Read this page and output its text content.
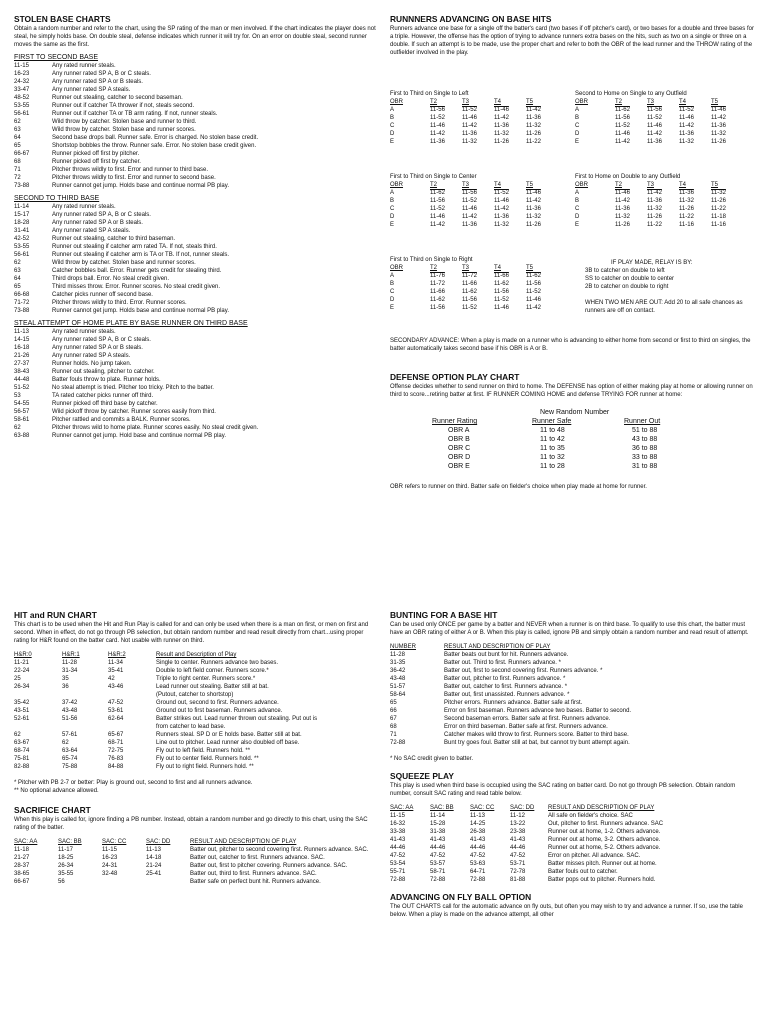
STOLEN BASE CHARTS
Obtain a random number and refer to the chart, using the SP rating of the man or men involved. If the chart indicates the player does not steal, he simply holds base. On double steal, defense indicates which runner it will try for. On an error on double steal, second runner moves the same as the first.
FIRST TO SECOND BASE
11-15	Any rated runner steals.
16-23	Any runner rated SP A, B or C steals.
24-32	Any runner rated SP A or B steals.
33-47	Any runner rated SP A steals.
48-52	Runner out stealing, catcher to second baseman.
53-55	Runner out if catcher TA thrower if not, steals second.
56-61	Runner out if catcher TA or TB arm rating. If not, runner steals.
62	Wild throw by catcher. Stolen base and runner to third.
63	Wild throw by catcher. Stolen base and runner scores.
64	Second base drops ball. Runner safe. Error is charged. No stolen base credit.
65	Shortstop bobbles the throw. Runner safe. Error. No stolen base credit given.
66-67	Runner picked off first by pitcher.
68	Runner picked off first by catcher.
71	Pitcher throws wildly to first. Error and runner to third base.
72	Pitcher throws wildly to first. Error and runner to second base.
73-88	Runner cannot get jump. Holds base and continue normal PB play.
SECOND TO THIRD BASE
11-14	Any rated runner steals.
15-17	Any runner rated SP A, B or C steals.
18-28	Any runner rated SP A or B steals.
31-41	Any runner rated SP A steals.
42-52	Runner out stealing, catcher to third baseman.
53-55	Runner out stealing if catcher arm rated TA. If not, steals third.
56-61	Runner out stealing if catcher arm is TA or TB. If not, runner steals.
62	Wild throw by catcher. Stolen base and runner scores.
63	Catcher bobbles ball. Error. Runner gets credit for stealing third.
64	Third drops ball. Error. No steal credit given.
65	Third misses throw. Error. Runner scores. No steal credit given.
66-68	Catcher picks runner off second base.
71-72	Pitcher throws wildly to third. Error. Runner scores.
73-88	Runner cannot get jump. Holds base and continue normal PB play.
STEAL ATTEMPT OF HOME PLATE BY BASE RUNNER ON THIRD BASE
11-13	Any rated runner steals.
14-15	Any runner rated SP A, B or C steals.
16-18	Any runner rated SP A or B steals.
21-26	Any runner rated SP A steals.
27-37	Runner holds. No jump taken.
38-43	Runner out stealing, pitcher to catcher.
44-48	Batter fouls throw to plate. Runner holds.
51-52	No steal attempt is tried. Pitcher too tricky. Pitch to the batter.
53	TA rated catcher picks runner off third.
54-55	Runner picked off third base by catcher.
56-57	Wild pickoff throw by catcher. Runner scores easily from third.
58-61	Pitcher rattled and commits a BALK. Runner scores.
62	Pitcher throws wild to home plate. Runner scores easily. No steal credit given.
63-88	Runner cannot get jump. Hold base and continue normal PB play.
RUNNNERS ADVANCING ON BASE HITS
Runners advance one base for a single off the batter's card (two bases if off pitcher's card), or two bases for a double and three bases for a triple. However, the offense has the option of trying to advance runners extra bases on the hits, such as two on a single or three on a double. If such an attempt is to be made, use the proper chart and refer to both the OBR of the lead runner and the THROW rating of the outfielder involved in the play.
First to Third on Single to Left
OBR	T2	T3	T4	T5
A	11-56	11-52	11-46	11-42
B	11-52	11-46	11-42	11-36
C	11-46	11-42	11-36	11-32
D	11-42	11-36	11-32	11-26
E	11-36	11-32	11-26	11-22
Second to Home on Single to any Outfield
OBR	T2	T3	T4	T5
A	11-62	11-56	11-52	11-46
B	11-56	11-52	11-46	11-42
C	11-52	11-46	11-42	11-36
D	11-46	11-42	11-36	11-32
E	11-42	11-36	11-32	11-26
First to Third on Single to Center
OBR	T2	T3	T4	T5
A	11-62	11-56	11-52	11-46
B	11-56	11-52	11-46	11-42
C	11-52	11-46	11-42	11-36
D	11-46	11-42	11-36	11-32
E	11-42	11-36	11-32	11-26
First to Home on Double to any Outfield
OBR	T2	T3	T4	T5
A	11-46	11-42	11-36	11-32
B	11-42	11-36	11-32	11-26
C	11-36	11-32	11-26	11-22
D	11-32	11-26	11-22	11-18
E	11-26	11-22	11-16	11-16
First to Third on Single to Right
OBR	T2	T3	T4	T5
A	11-76	11-72	11-66	11-62
B	11-72	11-66	11-62	11-56
C	11-66	11-62	11-56	11-52
D	11-62	11-56	11-52	11-46
E	11-56	11-52	11-46	11-42
IF PLAY MADE, RELAY IS BY:
3B to catcher on double to left
SS to catcher on double to center
2B to catcher on double to right
WHEN TWO MEN ARE OUT: Add 20 to all safe chances as runners are off on contact.
SECONDARY ADVANCE: When a play is made on a runner who is advancing to either home from second or first to third on singles, the batter automatically takes second base if his OBR is A or B.
DEFENSE OPTION PLAY CHART
Offense decides whether to send runner on third to home. The DEFENSE has option of either making play at home or allowing runner on third to score...retiring batter at first. IF RUNNER COMING HOME and defense TRYING FOR runner at home:
New Random Number
Runner Rating	Runner Safe	Runner Out
OBR A	11 to 48	51 to 88
OBR B	11 to 42	43 to 88
OBR C	11 to 35	36 to 88
OBR D	11 to 32	33 to 88
OBR E	11 to 28	31 to 88
OBR refers to runner on third. Batter safe on fielder's choice when play made at home for runner.
HIT and RUN CHART
This chart is to be used when the Hit and Run Play is called for and can only be used when there is a man on first, or men on first and second. When in effect, do not go through PB selection, but obtain random number and read result directly from chart...using proper rating for H&R found on the batter card. Not usable with runner on third.
H&R:0	H&R:1	H&R:2	Result and Description of Play
11-21	11-28	11-34	Single to center. Runners advance two bases.
22-24	31-34	35-41	Double to left field corner. Runners score.*
25	35	42	Triple to right center. Runners score.*
26-34	36	43-46	Lead runner out stealing. Batter still at bat.
			(Putout, catcher to shortstop)
35-42	37-42	47-52	Ground out, second to first. Runners advance.
43-51	43-48	53-61	Ground out to first baseman. Runners advance.
52-61	51-56	62-64	Batter strikes out. Lead runner thrown out stealing. Put out is
			from catcher to lead base.
62	57-61	65-67	Runners steal. SP D or E holds base. Batter still at bat.
63-67	62	68-71	Line out to pitcher. Lead runner also doubled off base.
68-74	63-64	72-75	Fly out to left field. Runners hold. **
75-81	65-74	76-83	Fly out to center field. Runners hold. **
82-88	75-88	84-88	Fly out to right field. Runners hold. **
* Pitcher with PB 2-7 or better: Play is ground out, second to first and all runners advance.
** No optional advance allowed.
SACRIFICE CHART
When this play is called for, ignore finding a PB number. Instead, obtain a random number and go directly to this chart, using the SAC rating of the batter.
SAC: AA	SAC: BB	SAC: CC	SAC: DD	RESULT AND DESCRIPTION OF PLAY
11-18	11-17	11-15	11-13	Batter out, pitcher to second covering first. Runners advance. SAC.
21-27	18-25	16-23	14-18	Batter out, catcher to first. Runners advance. SAC.
28-37	26-34	24-31	21-24	Batter out, first to pitcher covering. Runners advance. SAC.
38-65	35-55	32-48	25-41	Batter out, third to first. Runners advance. SAC.
66-67	56			Batter safe on perfect bunt hit. Runners advance.
BUNTING FOR A BASE HIT
Can be used only ONCE per game by a batter and NEVER when a runner is on third base. To qualify to use this chart, the batter must have an OBR rating of either A or B. When this play is called, ignore PB and simply obtain a random number and read result of attempt.
NUMBER	RESULT AND DESCRIPTION OF PLAY
11-28	Batter beats out bunt for hit. Runners advance.
31-35	Batter out. Third to first. Runners advance. *
36-42	Batter out, first to second covering first. Runners advance. *
43-48	Batter out, pitcher to first. Runners advance. *
51-57	Batter out, catcher to first. Runners advance. *
58-64	Batter out, first unassisted. Runners advance. *
65	Pitcher errors. Runners advance. Batter safe at first.
66	Error on first baseman. Runners advance two bases. Batter to second.
67	Second baseman errors. Batter safe at first. Runners advance.
68	Error on third baseman. Batter safe at first. Runners advance.
71	Catcher makes wild throw to first. Runners score. Batter to third base.
72-88	Bunt try goes foul. Batter still at bat, but cannot try bunt attempt again.
* No SAC credit given to batter.
SQUEEZE PLAY
This play is used when third base is occupied using the SAC rating on batter card. Do not go through PB selection. Obtain random number, consult SAC rating and read table below.
SAC: AA	SAC: BB	SAC: CC	SAC: DD	RESULT AND DESCRIPTION OF PLAY
11-15	11-14	11-13	11-12	All safe on fielder's choice. SAC
16-32	15-28	14-25	13-22	Out, pitcher to first. Runners advance. SAC
33-38	31-38	26-38	23-38	Runner out at home, 1-2. Others advance.
41-43	41-43	41-43	41-43	Runner out at home, 3-2. Others advance.
44-46	44-46	44-46	44-46	Runner out at home, 5-2. Others advance.
47-52	47-52	47-52	47-52	Error on pitcher. All advance. SAC.
53-54	53-57	53-63	53-71	Batter misses pitch. Runner out at home.
55-71	58-71	64-71	72-78	Batter fouls out to catcher.
72-88	72-88	72-88	81-88	Batter pops out to pitcher. Runners hold.
ADVANCING ON FLY BALL OPTION
The OUT CHARTS call for the automatic advance on fly outs, but often you may wish to try and advance a runner. If so, use the table below. When a play is made on the advance attempt, all other
